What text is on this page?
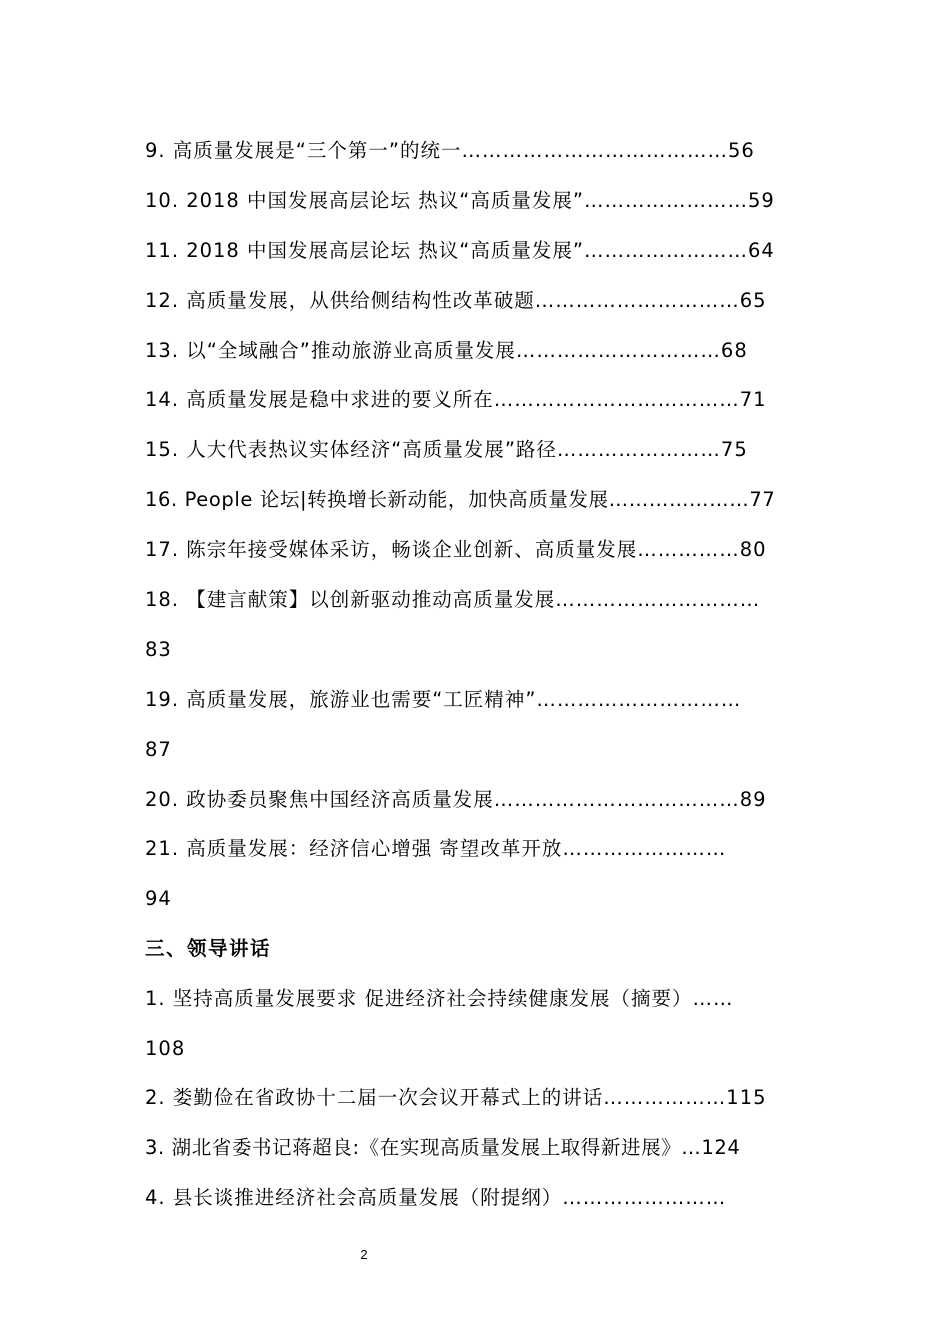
9. 高质量发展是“三个第一”的统一…………………………………56
10. 2018 中国发展高层论坛 热议“高质量发展”……………………59
11. 2018 中国发展高层论坛 热议“高质量发展”……………………64
12. 高质量发展，从供给侧结构性改革破题…………………………65
13. 以“全域融合”推动旅游业高质量发展…………………………68
14. 高质量发展是稳中求进的要义所在………………………………71
15. 人大代表热议实体经济“高质量发展”路径……………………75
16. People 论坛|转换增长新动能，加快高质量发展…………………77
17. 陈宗年接受媒体采访，畅谈企业创新、高质量发展……………80
18. 【建言献策】以创新驱动推动高质量发展…………………………
83
19. 高质量发展，旅游业也需要“工匠精神”…………………………
87
20. 政协委员聚焦中国经济高质量发展………………………………89
21. 高质量发展：经济信心增强 寄望改革开放……………………
94
三、领导讲话
1. 坚持高质量发展要求 促进经济社会持续健康发展（摘要）……
108
2. 娄勤俭在省政协十二届一次会议开幕式上的讲话………………115
3. 湖北省委书记蒋超良:《在实现高质量发展上取得新进展》…124
4. 县长谈推进经济社会高质量发展（附提纲）……………………
2
